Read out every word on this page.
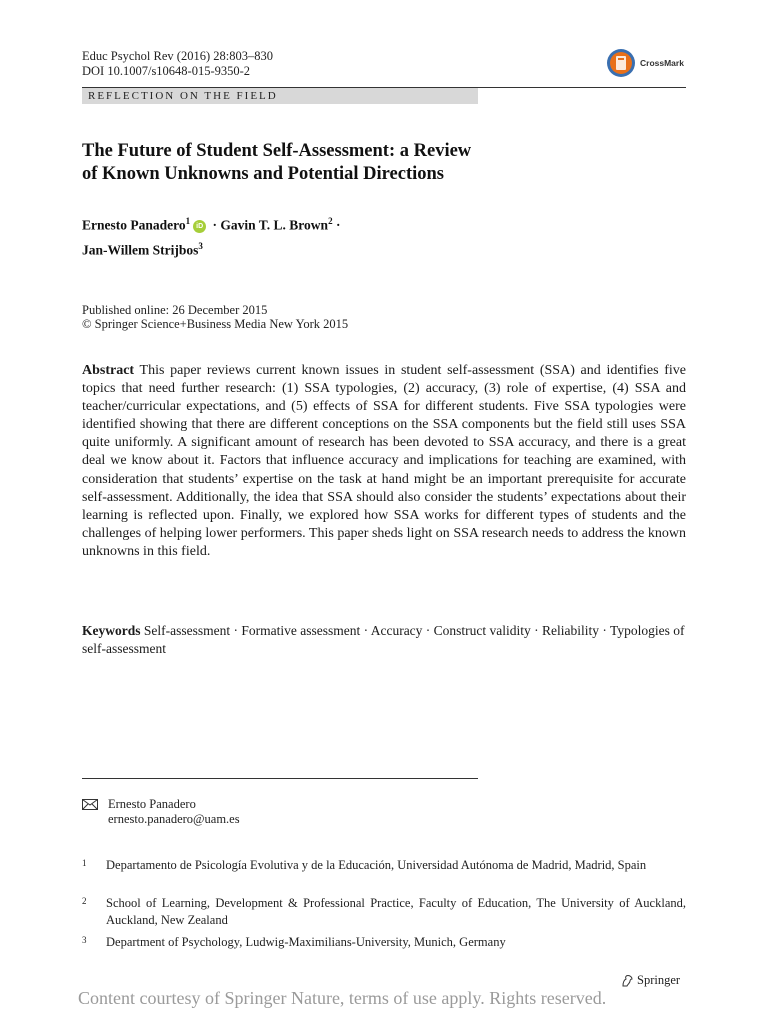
Educ Psychol Rev (2016) 28:803–830
DOI 10.1007/s10648-015-9350-2
CrossMark
REFLECTION ON THE FIELD
The Future of Student Self-Assessment: a Review
of Known Unknowns and Potential Directions
Ernesto Panadero$^1$iD · Gavin T. L. Brown$^2$ ·
Jan-Willem Strijbos$^3$
Published online: 26 December 2015
© Springer Science+Business Media New York 2015
Abstract This paper reviews current known issues in student self-assessment (SSA) and identifies five topics that need further research: (1) SSA typologies, (2) accuracy, (3) role of expertise, (4) SSA and teacher/curricular expectations, and (5) effects of SSA for different students. Five SSA typologies were identified showing that there are different conceptions on the SSA components but the field still uses SSA quite uniformly. A significant amount of research has been devoted to SSA accuracy, and there is a great deal we know about it. Factors that influence accuracy and implications for teaching are examined, with consideration that students’ expertise on the task at hand might be an important prerequisite for accurate self-assessment. Additionally, the idea that SSA should also consider the students’ expectations about their learning is reflected upon. Finally, we explored how SSA works for different types of students and the challenges of helping lower performers. This paper sheds light on SSA research needs to address the known unknowns in this field.
Keywords Self-assessment · Formative assessment · Accuracy · Construct validity · Reliability · Typologies of self-assessment
Ernesto Panadero
ernesto.panadero@uam.es
1 Departamento de Psicología Evolutiva y de la Educación, Universidad Autónoma de Madrid, Madrid, Spain
2 School of Learning, Development & Professional Practice, Faculty of Education, The University of Auckland, Auckland, New Zealand
3 Department of Psychology, Ludwig-Maximilians-University, Munich, Germany
Springer
Content courtesy of Springer Nature, terms of use apply. Rights reserved.
